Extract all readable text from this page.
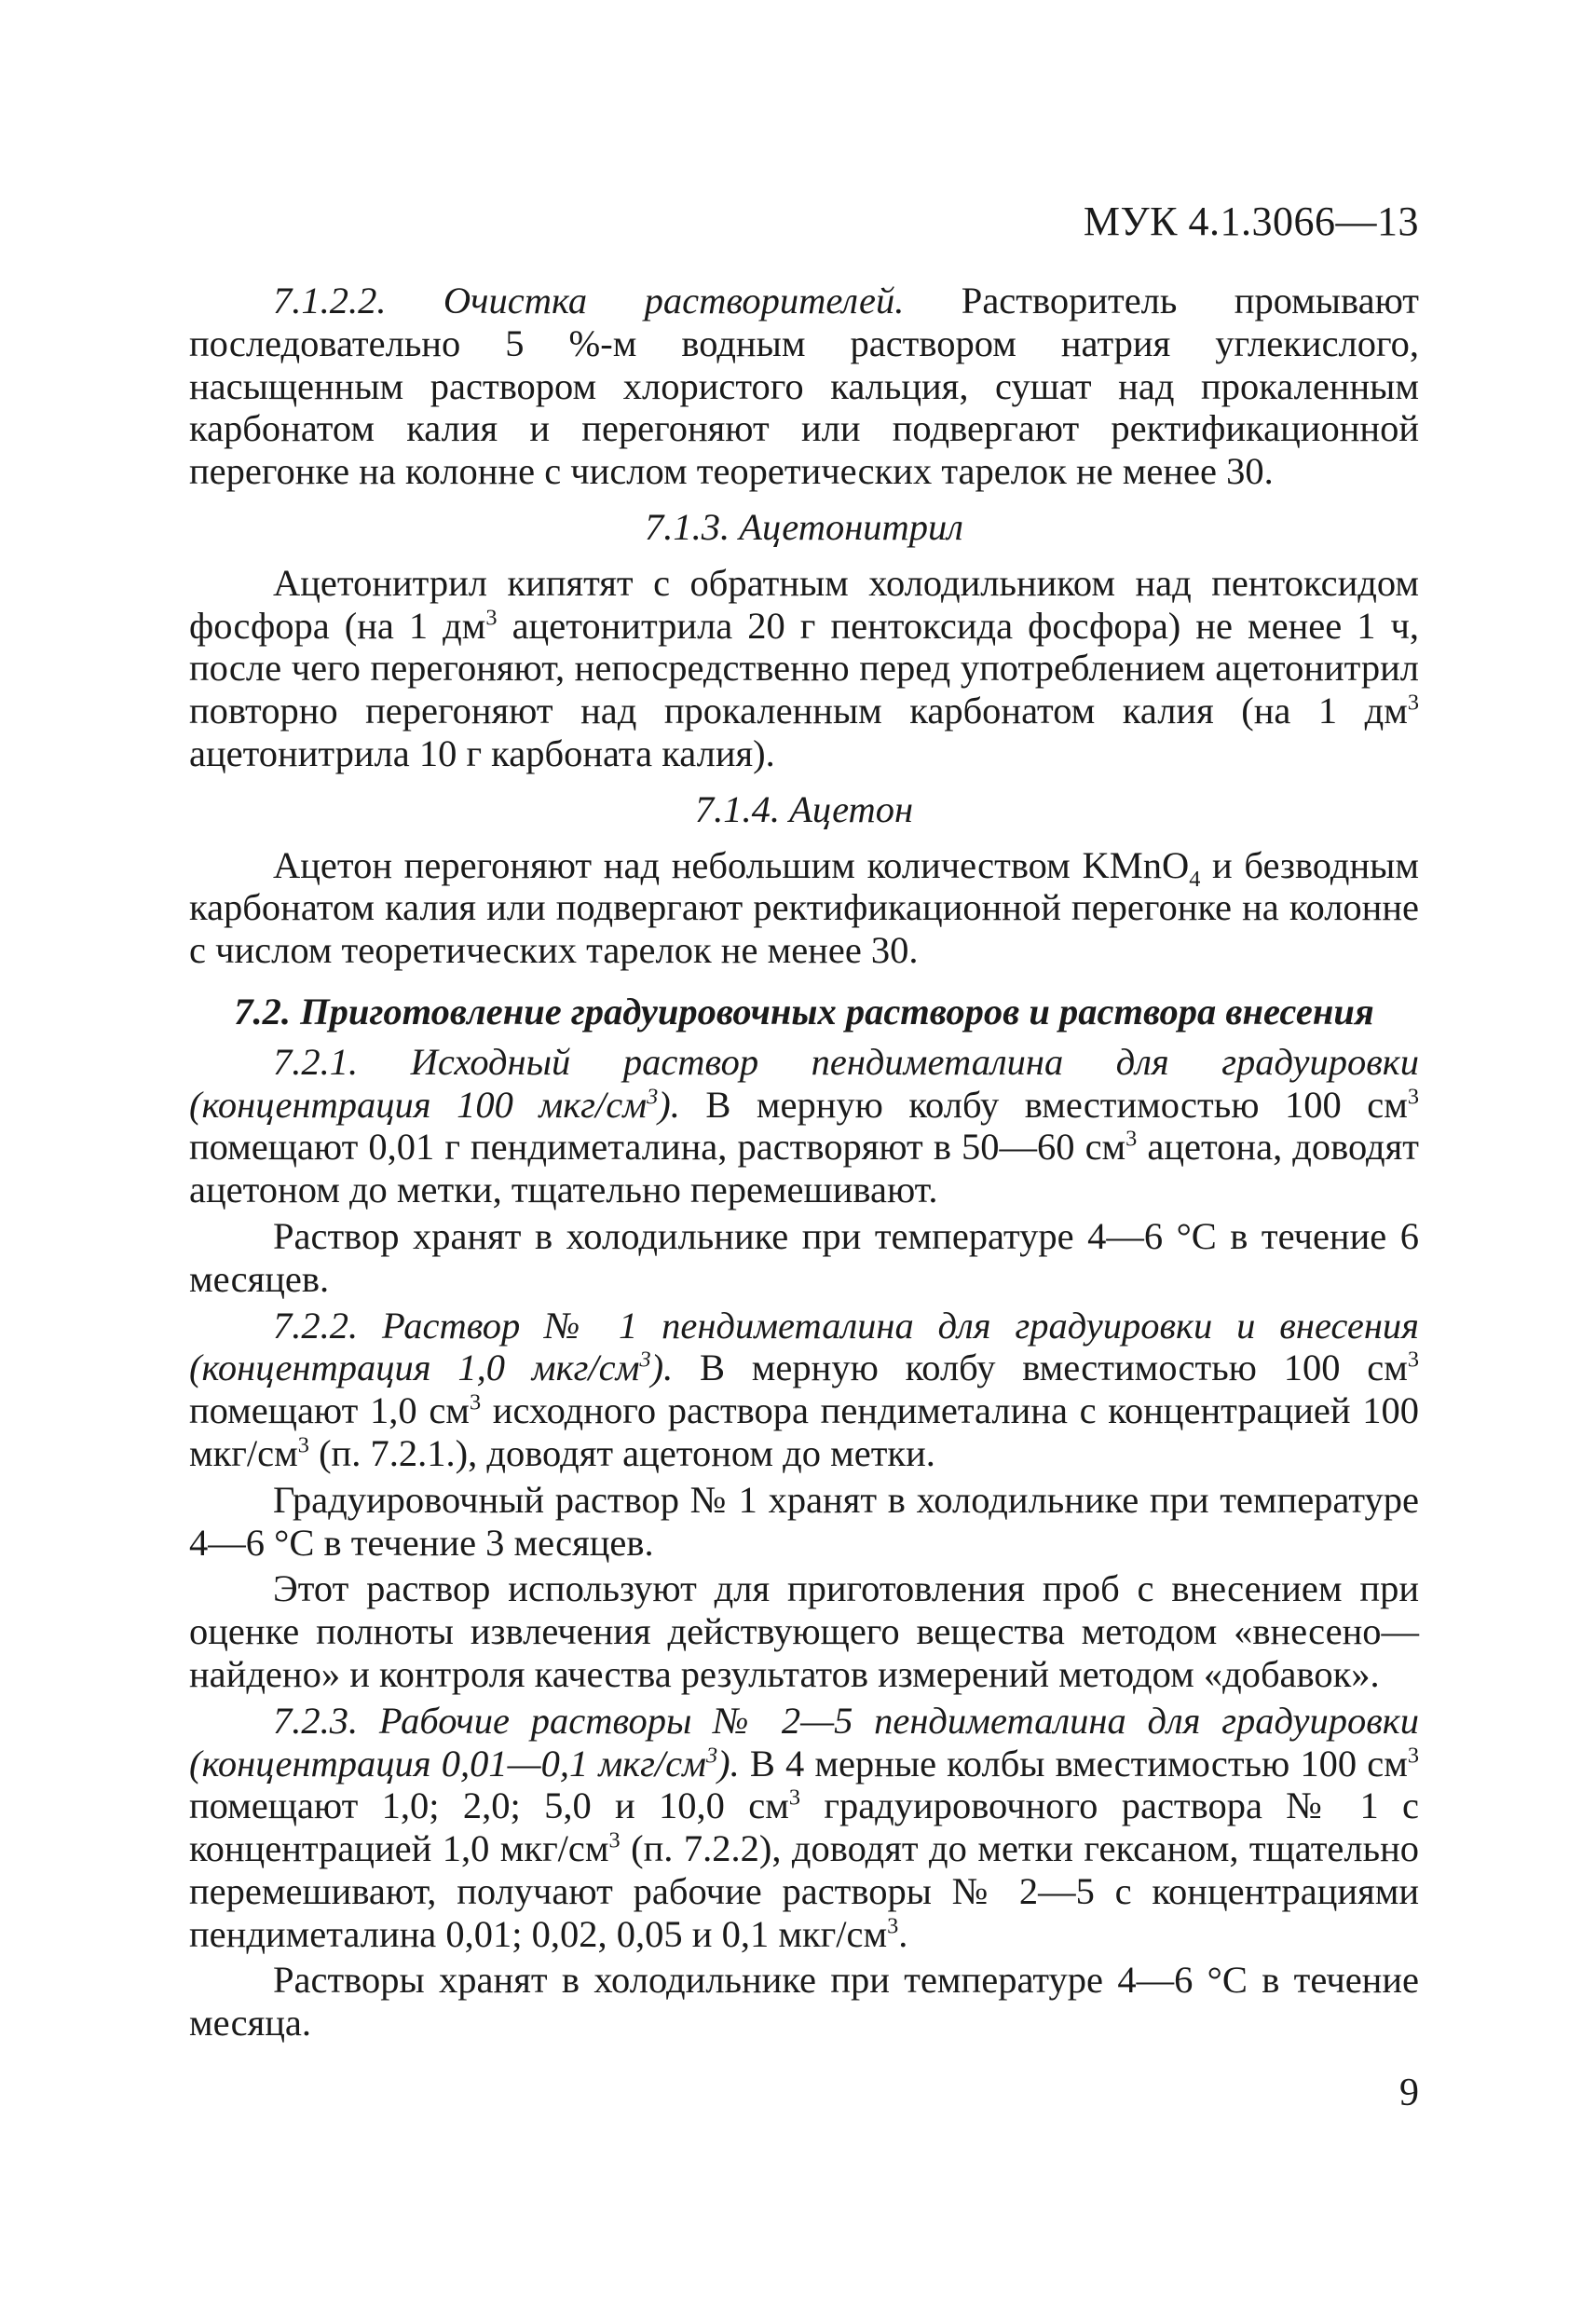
МУК 4.1.3066—13

7.1.2.2. Очистка растворителей. Растворитель промывают последовательно 5 %-м водным раствором натрия углекислого, насыщенным раствором хлористого кальция, сушат над прокаленным карбонатом калия и перегоняют или подвергают ректификационной перегонке на колонне с числом теоретических тарелок не менее 30.

7.1.3. Ацетонитрил

Ацетонитрил кипятят с обратным холодильником над пентоксидом фосфора (на 1 $дм^3$ ацетонитрила 20 г пентоксида фосфора) не менее 1 ч, после чего перегоняют, непосредственно перед употреблением ацетонитрил повторно перегоняют над прокаленным карбонатом калия (на 1 $дм^3$ ацетонитрила 10 г карбоната калия).

7.1.4. Ацетон

Ацетон перегоняют над небольшим количеством KMnO$_4$ и безводным карбонатом калия или подвергают ректификационной перегонке на колонне с числом теоретических тарелок не менее 30.

7.2. Приготовление градуировочных растворов и раствора внесения

7.2.1. Исходный раствор пендиметалина для градуировки (концентрация 100 мкг/$см^3$). В мерную колбу вместимостью 100 $см^3$ помещают 0,01 г пендиметалина, растворяют в 50—60 $см^3$ ацетона, доводят ацетоном до метки, тщательно перемешивают.

Раствор хранят в холодильнике при температуре 4—6 °С в течение 6 месяцев.

7.2.2. Раствор № 1 пендиметалина для градуировки и внесения (концентрация 1,0 мкг/$см^3$). В мерную колбу вместимостью 100 $см^3$ помещают 1,0 $см^3$ исходного раствора пендиметалина с концентрацией 100 мкг/$см^3$ (п. 7.2.1.), доводят ацетоном до метки.

Градуировочный раствор № 1 хранят в холодильнике при температуре 4—6 °С в течение 3 месяцев.

Этот раствор используют для приготовления проб с внесением при оценке полноты извлечения действующего вещества методом «внесено—найдено» и контроля качества результатов измерений методом «добавок».

7.2.3. Рабочие растворы № 2—5 пендиметалина для градуировки (концентрация 0,01—0,1 мкг/$см^3$). В 4 мерные колбы вместимостью 100 $см^3$ помещают 1,0; 2,0; 5,0 и 10,0 $см^3$ градуировочного раствора № 1 с концентрацией 1,0 мкг/$см^3$ (п. 7.2.2), доводят до метки гексаном, тщательно перемешивают, получают рабочие растворы № 2—5 с концентрациями пендиметалина 0,01; 0,02, 0,05 и 0,1 мкг/$см^3$.

Растворы хранят в холодильнике при температуре 4—6 °С в течение месяца.

9
